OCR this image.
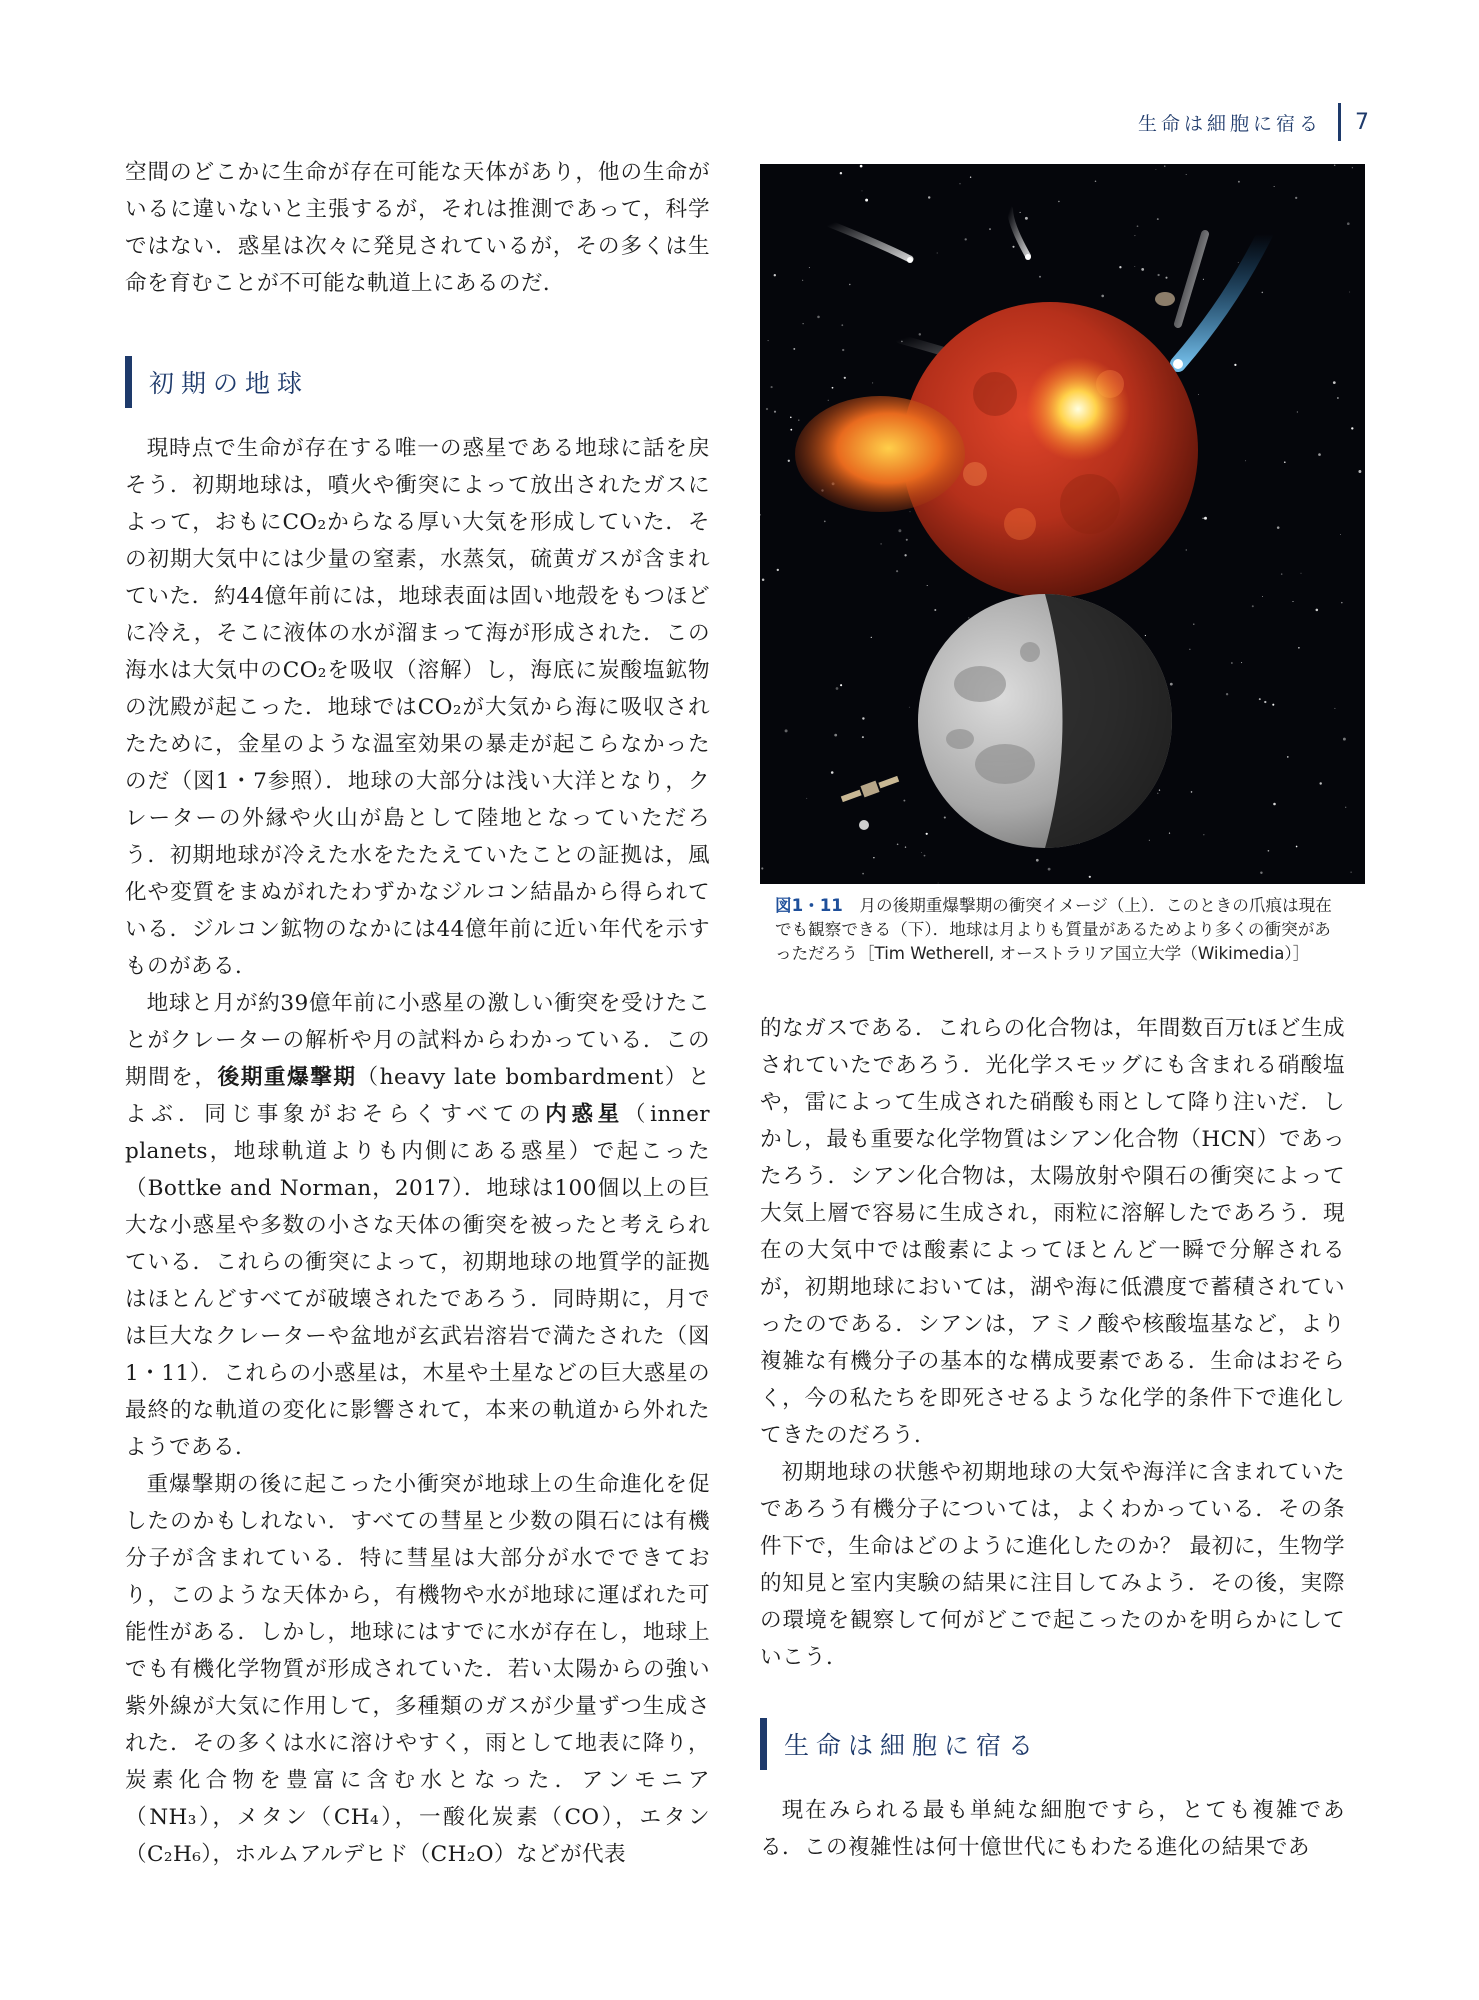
生命は細胞に宿る 7

空間のどこかに生命が存在可能な天体があり，他の生命がいるに違いないと主張するが，それは推測であって，科学ではない．惑星は次々に発見されているが，その多くは生命を育むことが不可能な軌道上にあるのだ．

初期の地球

現時点で生命が存在する唯一の惑星である地球に話を戻そう．初期地球は，噴火や衝突によって放出されたガスによって，おもにCO₂からなる厚い大気を形成していた．その初期大気中には少量の窒素，水蒸気，硫黄ガスが含まれていた．約44億年前には，地球表面は固い地殻をもつほどに冷え，そこに液体の水が溜まって海が形成された．この海水は大気中のCO₂を吸収（溶解）し，海底に炭酸塩鉱物の沈殿が起こった．地球ではCO₂が大気から海に吸収されたために，金星のような温室効果の暴走が起こらなかったのだ（図1・7参照）．地球の大部分は浅い大洋となり，クレーターの外縁や火山が島として陸地となっていただろう．初期地球が冷えた水をたたえていたことの証拠は，風化や変質をまぬがれたわずかなジルコン結晶から得られている．ジルコン鉱物のなかには44億年前に近い年代を示すものがある．

地球と月が約39億年前に小惑星の激しい衝突を受けたことがクレーターの解析や月の試料からわかっている．この期間を，後期重爆撃期（heavy late bombardment）とよぶ．同じ事象がおそらくすべての内惑星（inner planets，地球軌道よりも内側にある惑星）で起こった（Bottke and Norman，2017）．地球は100個以上の巨大な小惑星や多数の小さな天体の衝突を被ったと考えられている．これらの衝突によって，初期地球の地質学的証拠はほとんどすべてが破壊されたであろう．同時期に，月では巨大なクレーターや盆地が玄武岩溶岩で満たされた（図1・11）．これらの小惑星は，木星や土星などの巨大惑星の最終的な軌道の変化に影響されて，本来の軌道から外れたようである．

重爆撃期の後に起こった小衝突が地球上の生命進化を促したのかもしれない．すべての彗星と少数の隕石には有機分子が含まれている．特に彗星は大部分が水でできており，このような天体から，有機物や水が地球に運ばれた可能性がある．しかし，地球にはすでに水が存在し，地球上でも有機化学物質が形成されていた．若い太陽からの強い紫外線が大気に作用して，多種類のガスが少量ずつ生成された．その多くは水に溶けやすく，雨として地表に降り，炭素化合物を豊富に含む水となった．アンモニア（NH₃），メタン（CH₄），一酸化炭素（CO），エタン（C₂H₆），ホルムアルデヒド（CH₂O）などが代表

図1・11　 月の後期重爆撃期の衝突イメージ（上）．このときの爪痕は現在でも観察できる（下）．地球は月よりも質量があるためより多くの衝突があっただろう［Tim Wetherell, オーストラリア国立大学（Wikimedia）］

的なガスである．これらの化合物は，年間数百万tほど生成されていたであろう．光化学スモッグにも含まれる硝酸塩や，雷によって生成された硝酸も雨として降り注いだ．しかし，最も重要な化学物質はシアン化合物（HCN）であったろう．シアン化合物は，太陽放射や隕石の衝突によって大気上層で容易に生成され，雨粒に溶解したであろう．現在の大気中では酸素によってほとんど一瞬で分解されるが，初期地球においては，湖や海に低濃度で蓄積されていったのである．シアンは，アミノ酸や核酸塩基など，より複雑な有機分子の基本的な構成要素である．生命はおそらく，今の私たちを即死させるような化学的条件下で進化してきたのだろう．

初期地球の状態や初期地球の大気や海洋に含まれていたであろう有機分子については，よくわかっている．その条件下で，生命はどのように進化したのか？ 最初に，生物学的知見と室内実験の結果に注目してみよう．その後，実際の環境を観察して何がどこで起こったのかを明らかにしていこう．

生命は細胞に宿る

現在みられる最も単純な細胞ですら，とても複雑である．この複雑性は何十億世代にもわたる進化の結果であ
